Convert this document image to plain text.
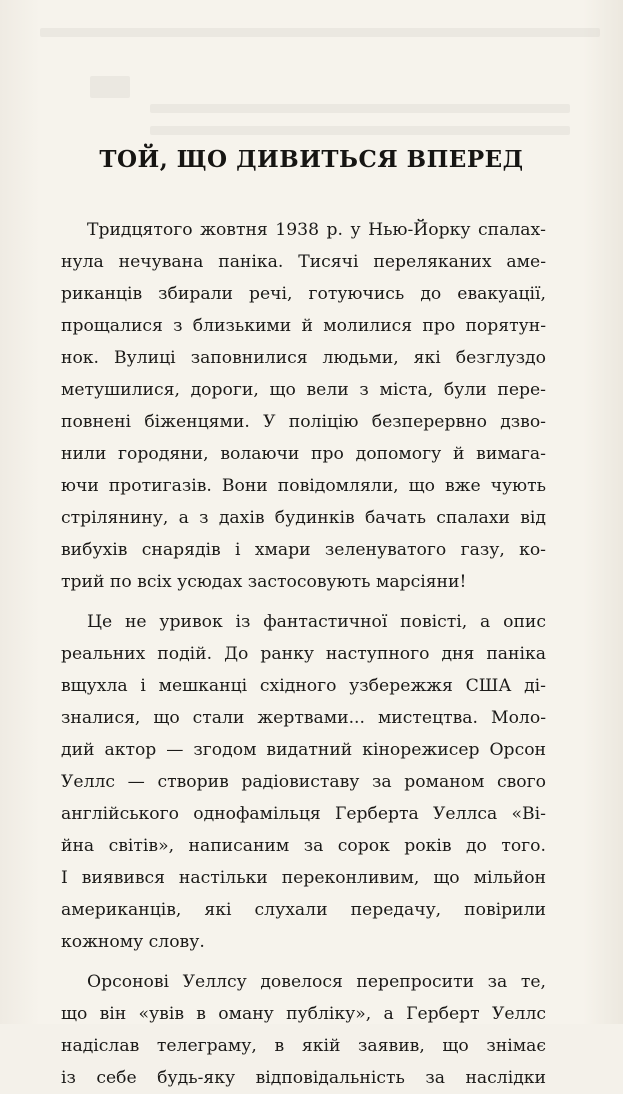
ТОЙ, ЩО ДИВИТЬСЯ ВПЕРЕД
Тридцятого жовтня 1938 р. у Нью-Йорку спалах-
нула нечувана паніка. Тисячі переляканих аме-
риканців збирали речі, готуючись до евакуації,
прощалися з близькими й молилися про порятун-
нок. Вулиці заповнилися людьми, які безглуздо
метушилися, дороги, що вели з міста, були пере-
повнені біженцями. У поліцію безперервно дзво-
нили городяни, волаючи про допомогу й вимага-
ючи протигазів. Вони повідомляли, що вже чують
стрілянину, а з дахів будинків бачать спалахи від
вибухів снарядів і хмари зеленуватого газу, ко-
трий по всіх усюдах застосовують марсіяни!
Це не уривок із фантастичної повісті, а опис
реальних подій. До ранку наступного дня паніка
вщухла і мешканці східного узбережжя США ді-
зналися, що стали жертвами... мистецтва. Моло-
дий актор — згодом видатний кінорежисер Орсон
Уеллс — створив радіовиставу за романом свого
англійського однофамільця Герберта Уеллса «Ві-
йна світів», написаним за сорок років до того.
І виявився настільки переконливим, що мільйон
американців, які слухали передачу, повірили
кожному слову.
Орсонові Уеллсу довелося перепросити за те,
що він «увів в оману публіку», а Герберт Уеллс
надіслав телеграму, в якій заявив, що знімає
із себе будь-яку відповідальність за наслідки
